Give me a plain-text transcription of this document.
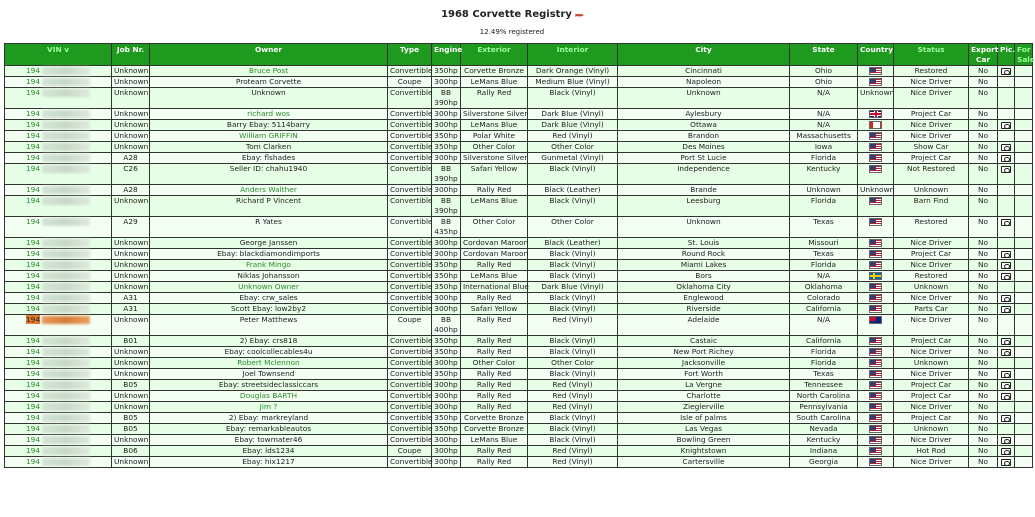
1968 Corvette Registry ▸▸▸
12.49% registered
VIN v	Job Nr.	Owner	Type	Engine	Exterior	Interior	City	State	Country	Status	Export Car	Pic.	For Sale
194	Unknown	Bruce Post	Convertible	350hp	Corvette Bronze	Dark Orange (Vinyl)	Cincinnati	Ohio		Restored	No		
194	Unknown	Proteam Corvette	Coupe	300hp	LeMans Blue	Medium Blue (Vinyl)	Napoleon	Ohio		Nice Driver	No		
194	Unknown	Unknown	Convertible	BB 390hp	Rally Red	Black (Vinyl)	Unknown	N/A	Unknown	Nice Driver	No		
194	Unknown	richard wos	Convertible	300hp	Silverstone Silver	Dark Blue (Vinyl)	Aylesbury	N/A		Project Car	No		
194	Unknown	Barry Ebay: 5114barry	Convertible	300hp	LeMans Blue	Dark Blue (Vinyl)	Ottawa	N/A		Nice Driver	No		
194	Unknown	William GRIFFIN	Convertible	350hp	Polar White	Red (Vinyl)	Brandon	Massachusetts		Nice Driver	No		
194	Unknown	Tom Clarken	Convertible	350hp	Other Color	Other Color	Des Moines	Iowa		Show Car	No		
194	A28	Ebay: flshades	Convertible	300hp	Silverstone Silver	Gunmetal (Vinyl)	Port St Lucie	Florida		Project Car	No		
194	C26	Seller ID: chahu1940	Convertible	BB 390hp	Safari Yellow	Black (Vinyl)	Independence	Kentucky		Not Restored	No		
194	A28	Anders Walther	Convertible	300hp	Rally Red	Black (Leather)	Brande	Unknown	Unknown	Unknown	No		
194	Unknown	Richard P Vincent	Convertible	BB 390hp	LeMans Blue	Black (Vinyl)	Leesburg	Florida		Barn Find	No		
194	A29	R Yates	Convertible	BB 435hp	Other Color	Other Color	Unknown	Texas		Restored	No		
194	Unknown	George Janssen	Convertible	300hp	Cordovan Maroon	Black (Leather)	St. Louis	Missouri		Nice Driver	No		
194	Unknown	Ebay: blackdiamondimports	Convertible	300hp	Cordovan Maroon	Black (Vinyl)	Round Rock	Texas		Project Car	No		
194	Unknown	Frank Mingo	Convertible	350hp	Rally Red	Black (Vinyl)	Miami Lakes	Florida		Nice Driver	No		
194	Unknown	Niklas Johansson	Convertible	350hp	LeMans Blue	Black (Vinyl)	Bors	N/A		Restored	No		
194	Unknown	Unknown Owner	Convertible	350hp	International Blue	Dark Blue (Vinyl)	Oklahoma City	Oklahoma		Unknown	No		
194	A31	Ebay: crw_sales	Convertible	300hp	Rally Red	Black (Vinyl)	Englewood	Colorado		Nice Driver	No		
194	A31	Scott Ebay: low2by2	Convertible	300hp	Safari Yellow	Black (Vinyl)	Riverside	California		Parts Car	No		
194	Unknown	Peter Matthews	Coupe	BB 400hp	Rally Red	Red (Vinyl)	Adelaide	N/A		Nice Driver	No		
194	B01	2) Ebay: crs818	Convertible	350hp	Rally Red	Black (Vinyl)	Castaic	California		Project Car	No		
194	Unknown	Ebay: coolcollecables4u	Convertible	350hp	Rally Red	Black (Vinyl)	New Port Richey	Florida		Nice Driver	No		
194	Unknown	Robert Mclennon	Convertible	300hp	Other Color	Other Color	Jacksonville	Florida		Unknown	No		
194	Unknown	Joel Townsend	Convertible	350hp	Rally Red	Black (Vinyl)	Fort Worth	Texas		Nice Driver	No		
194	B05	Ebay: streetsideclassiccars	Convertible	300hp	Rally Red	Red (Vinyl)	La Vergne	Tennessee		Project Car	No		
194	Unknown	Douglas BARTH	Convertible	300hp	Rally Red	Red (Vinyl)	Charlotte	North Carolina		Project Car	No		
194	Unknown	Jim ?	Convertible	300hp	Rally Red	Red (Vinyl)	Zieglerville	Pennsylvania		Nice Driver	No		
194	B05	2) Ebay: markreyland	Convertible	350hp	Corvette Bronze	Black (Vinyl)	Isle of palms	South Carolina		Project Car	No		
194	B05	Ebay: remarkableautos	Convertible	350hp	Corvette Bronze	Black (Vinyl)	Las Vegas	Nevada		Unknown	No		
194	Unknown	Ebay: towmater46	Convertible	300hp	LeMans Blue	Black (Vinyl)	Bowling Green	Kentucky		Nice Driver	No		
194	B06	Ebay: lds1234	Coupe	300hp	Rally Red	Red (Vinyl)	Knightstown	Indiana		Hot Rod	No		
194	Unknown	Ebay: hix1217	Convertible	300hp	Rally Red	Red (Vinyl)	Cartersville	Georgia		Nice Driver	No		
